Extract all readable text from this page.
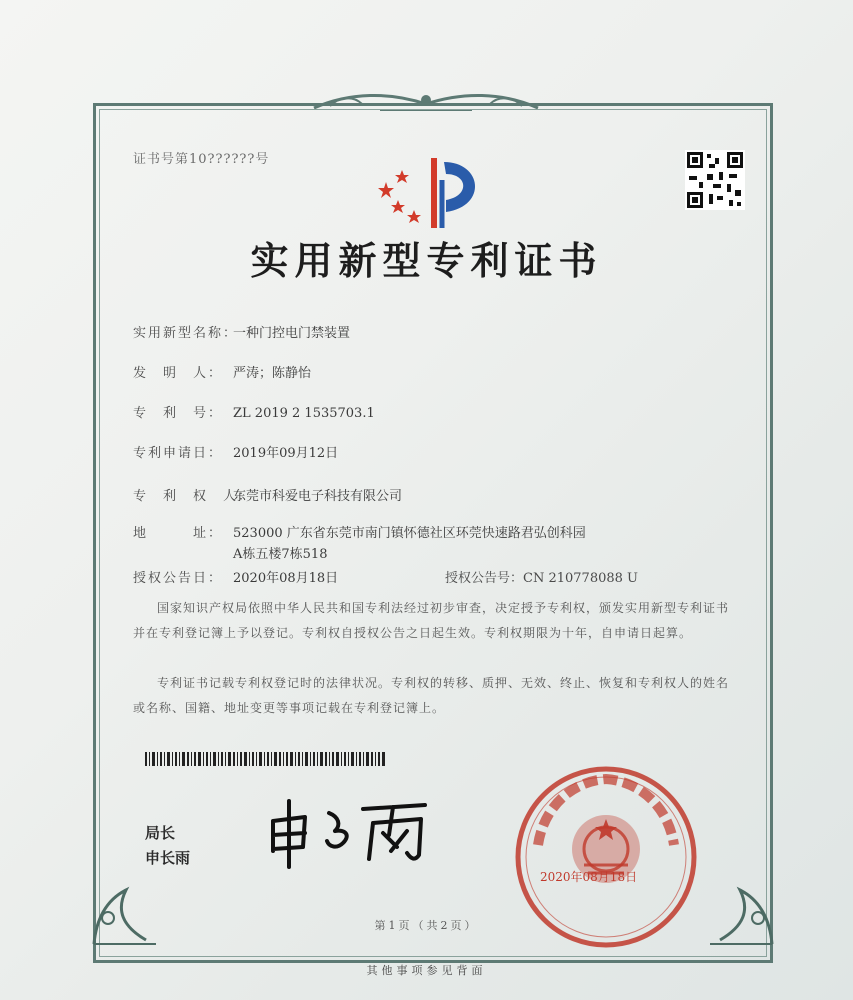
证书号第10??????号
实用新型专利证书
实用新型名称：一种门控电门禁装置
发　明　人： 严涛；陈静怡
专　利　号： ZL 2019 2 1535703.1
专利申请日： 2019年09月12日
专　利　权　人：东莞市科爱电子科技有限公司
地　　　址： 523000 广东省东莞市南门镇怀德社区环莞快速路君弘创科园
A栋五楼7栋518
授权公告日： 2020年08月18日	授权公告号：CN 210778088 U
国家知识产权局依照中华人民共和国专利法经过初步审查，决定授予专利权，颁发实用新型专利证书并在专利登记簿上予以登记。专利权自授权公告之日起生效。专利权期限为十年，自申请日起算。
专利证书记载专利权登记时的法律状况。专利权的转移、质押、无效、终止、恢复和专利权人的姓名或名称、国籍、地址变更等事项记载在专利登记簿上。
局长
申长雨
2020年08月18日
第1页（共2页）
其他事项参见背面
